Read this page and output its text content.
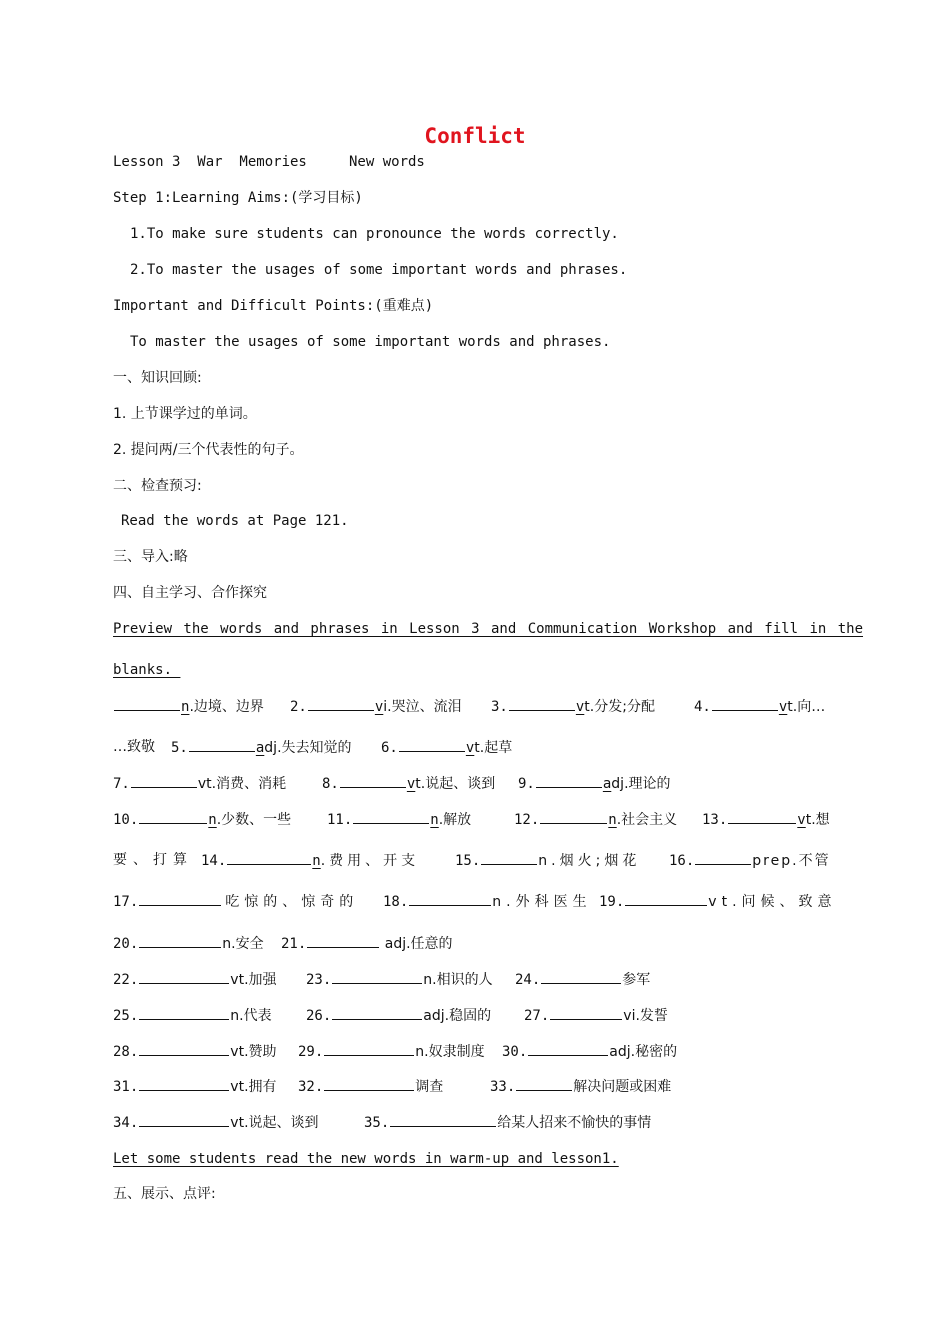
Conflict
Lesson 3  War  Memories     New words
Step 1:Learning Aims:(学习目标)
1.To make sure students can pronounce the words correctly.
2.To master the usages of some important words and phrases.
Important and Difficult Points:(重难点)
To master the usages of some important words and phrases.
一、知识回顾:
1. 上节课学过的单词。
2. 提问两/三个代表性的句子。
二、检查预习:
Read the words at Page 121.
三、导入:略
四、自主学习、合作探究
Preview the words and phrases in Lesson 3 and Communication Workshop and fill in the
blanks.
n.边境、边界 2.	vi.哭泣、流泪 3.	vt.分发;分配	4.	vt.向…
…致敬 5.	adj.失去知觉的 6.	vt.起草
7.	vt.消费、消耗	8.	vt.说起、谈到 9.	adj.理论的
10.	n.少数、一些	11.	n.解放	12.	n.社会主义 13.	vt.想
要、打算 14.	n.费用、开支	15.	n.烟火;烟花 16.	prep.不管
17.	吃惊的、惊奇的 18.	n.外科医生 19.	vt.问候、致意
20.	n.安全 21.	adj.任意的
22.	vt.加强 23.	n.相识的人 24.	参军
25.	n.代表 26.	adj.稳固的 27.	vi.发誓
28.	vt.赞助 29.	n.奴隶制度 30.	adj.秘密的
31.	vt.拥有 32.	调查	33.	解决问题或困难
34.	vt.说起、谈到	35.	给某人招来不愉快的事情
Let some students read the new words in warm-up and lesson1.
五、展示、点评:
